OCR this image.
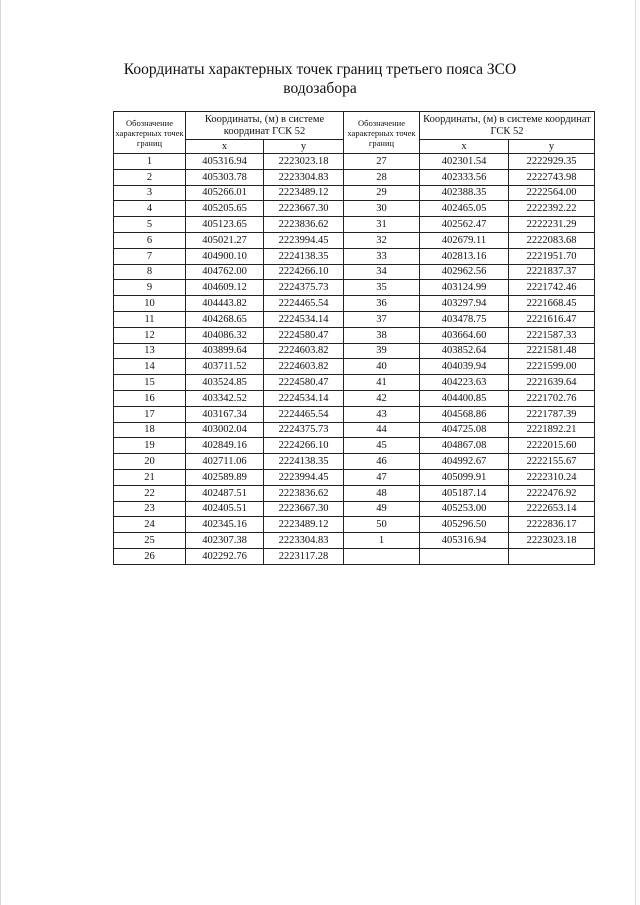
Координаты характерных точек границ третьего пояса ЗСО
водозабора
Обозначение характерных точек границ	Координаты, (м) в системе координат ГСК 52		Обозначение характерных точек границ	Координаты, (м) в системе координат ГСК 52	
	x	y		x	y
1	405316.94	2223023.18	27	402301.54	2222929.35
2	405303.78	2223304.83	28	402333.56	2222743.98
3	405266.01	2223489.12	29	402388.35	2222564.00
4	405205.65	2223667.30	30	402465.05	2222392.22
5	405123.65	2223836.62	31	402562.47	2222231.29
6	405021.27	2223994.45	32	402679.11	2222083.68
7	404900.10	2224138.35	33	402813.16	2221951.70
8	404762.00	2224266.10	34	402962.56	2221837.37
9	404609.12	2224375.73	35	403124.99	2221742.46
10	404443.82	2224465.54	36	403297.94	2221668.45
11	404268.65	2224534.14	37	403478.75	2221616.47
12	404086.32	2224580.47	38	403664.60	2221587.33
13	403899.64	2224603.82	39	403852.64	2221581.48
14	403711.52	2224603.82	40	404039.94	2221599.00
15	403524.85	2224580.47	41	404223.63	2221639.64
16	403342.52	2224534.14	42	404400.85	2221702.76
17	403167.34	2224465.54	43	404568.86	2221787.39
18	403002.04	2224375.73	44	404725.08	2221892.21
19	402849.16	2224266.10	45	404867.08	2222015.60
20	402711.06	2224138.35	46	404992.67	2222155.67
21	402589.89	2223994.45	47	405099.91	2222310.24
22	402487.51	2223836.62	48	405187.14	2222476.92
23	402405.51	2223667.30	49	405253.00	2222653.14
24	402345.16	2223489.12	50	405296.50	2222836.17
25	402307.38	2223304.83	1	405316.94	2223023.18
26	402292.76	2223117.28			
